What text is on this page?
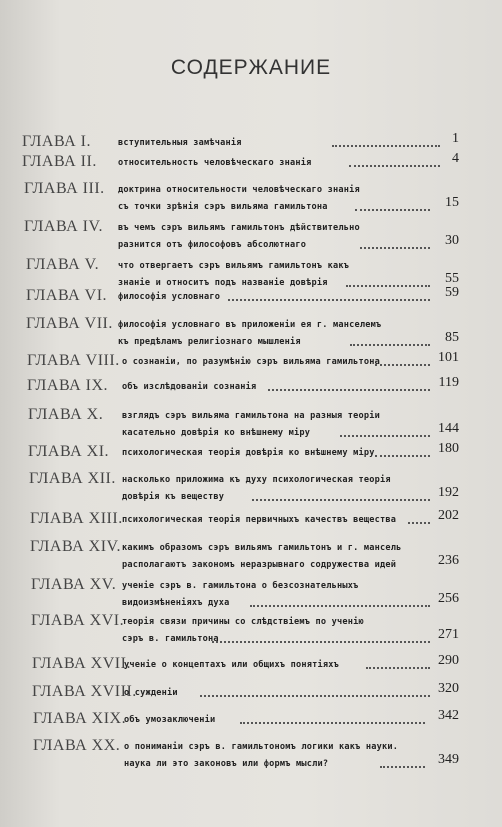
СОДЕРЖАНИЕ
ГЛАВА I.	вступительныя замѣчанія	1
ГЛАВА II. относительность человѣческаго знанія	4
ГЛАВА III. доктрина относительности человѣческаго знанія
съ точки зрѣнія сэръ вильяма гамильтона	15
ГЛАВА IV. въ чемъ сэръ вильямъ гамильтонъ дѣйствительно
разнится отъ философовъ абсолютнаго	30
ГЛАВА V. что отвергаетъ сэръ вильямъ гамильтонъ какъ
знаніе и относитъ подъ названіе довѣрія	55
ГЛАВА VI. философія условнаго	59
ГЛАВА VII. философія условнаго въ приложеніи ея г. манселемъ
къ предѣламъ религіознаго мышленія	85
ГЛАВА VIII. о сознаніи, по разумѣнію сэръ вильяма гамильтона	101
ГЛАВА IX. объ изслѣдованіи сознанія	119
ГЛАВА X. взглядъ сэръ вильяма гамильтона на разныя теоріи
касательно довѣрія ко внѣшнему міру	144
ГЛАВА XI. психологическая теорія довѣрія ко внѣшнему міру	180
ГЛАВА XII. насколько приложима къ духу психологическая теорія
довѣрія къ веществу	192
ГЛАВА XIII. психологическая теорія первичныхъ качествъ вещества	202
ГЛАВА XIV. какимъ образомъ сэръ вильямъ гамильтонъ и г. мансель
располагаютъ закономъ неразрывнаго содружества идей	236
ГЛАВА XV. ученіе сэръ в. гамильтона о безсознательныхъ
видоизмѣненіяхъ духа	256
ГЛАВА XVI.
теорія связи причины со слѣдствіемъ по ученію
сэръ в. гамильтона	271
ГЛАВА XVII.
ученіе о концептахъ или общихъ понятіяхъ	290
ГЛАВА XVIII.
о сужденіи	320
ГЛАВА XIX.
объ умозаключеніи	342
ГЛАВА XX. о пониманіи сэръ в. гамильтономъ логики какъ науки.
наука ли это законовъ или формъ мысли?	349
